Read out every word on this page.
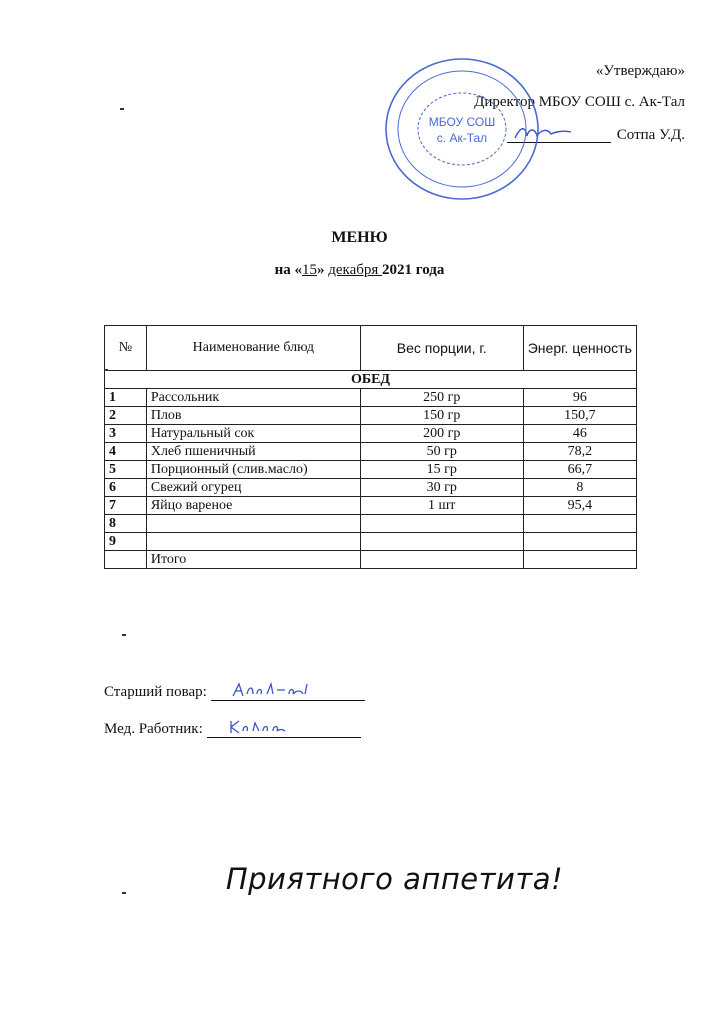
«Утверждаю»
Директор МБОУ СОШ с. Ак-Тал
Сотпа У.Д.
МБОУ СОШ
с. Ак-Тал
МЕНЮ
на «15» декабря 2021 года
№	Наименование блюд	Вес порции, г.	Энерг. ценность
ОБЕД			
1	Рассольник	250 гр	96
2	Плов	150 гр	150,7
3	Натуральный сок	200 гр	46
4	Хлеб пшеничный	50 гр	78,2
5	Порционный (слив.масло)	15 гр	66,7
6	Свежий огурец	30 гр	8
7	Яйцо вареное	1 шт	95,4
8			
9			
	Итого		
Старший повар:
Мед. Работник:
Приятного аппетита!
